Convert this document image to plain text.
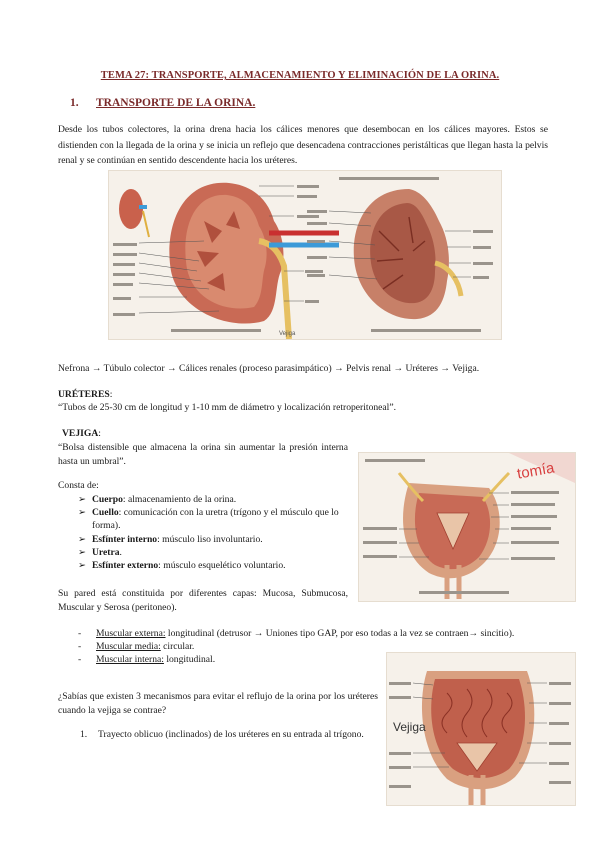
TEMA 27: TRANSPORTE, ALMACENAMIENTO Y ELIMINACIÓN DE LA ORINA.
1. TRANSPORTE DE LA ORINA.
Desde los tubos colectores, la orina drena hacia los cálices menores que desembocan en los cálices mayores. Estos se distienden con la llegada de la orina y se inicia un reflejo que desencadena contracciones peristálticas que llegan hasta la pelvis renal y se continúan en sentido descendente hacia los uréteres.
Vejiga
Nefrona → Túbulo colector → Cálices renales (proceso parasimpático) → Pelvis renal → Uréteres → Vejiga.
URÉTERES:
“Tubos de 25-30 cm de longitud y 1-10 mm de diámetro y localización retroperitoneal”.
VEJIGA:
“Bolsa distensible que almacena la orina sin aumentar la presión interna hasta un umbral”.
Consta de:
➢ Cuerpo: almacenamiento de la orina.
➢ Cuello: comunicación con la uretra (trígono y el músculo que lo forma).
➢ Esfínter interno: músculo liso involuntario.
➢ Uretra.
➢ Esfínter externo: músculo esquelético voluntario.
tomía
Su pared está constituida por diferentes capas: Mucosa, Submucosa, Muscular y Serosa (peritoneo).
- Muscular externa: longitudinal (detrusor → Uniones tipo GAP, por eso todas a la vez se contraen→ sincitio).
- Muscular media: circular.
- Muscular interna: longitudinal.
¿Sabías que existen 3 mecanismos para evitar el reflujo de la orina por los uréteres cuando la vejiga se contrae?
1. Trayecto oblicuo (inclinados) de los uréteres en su entrada al trígono.
Vejiga
